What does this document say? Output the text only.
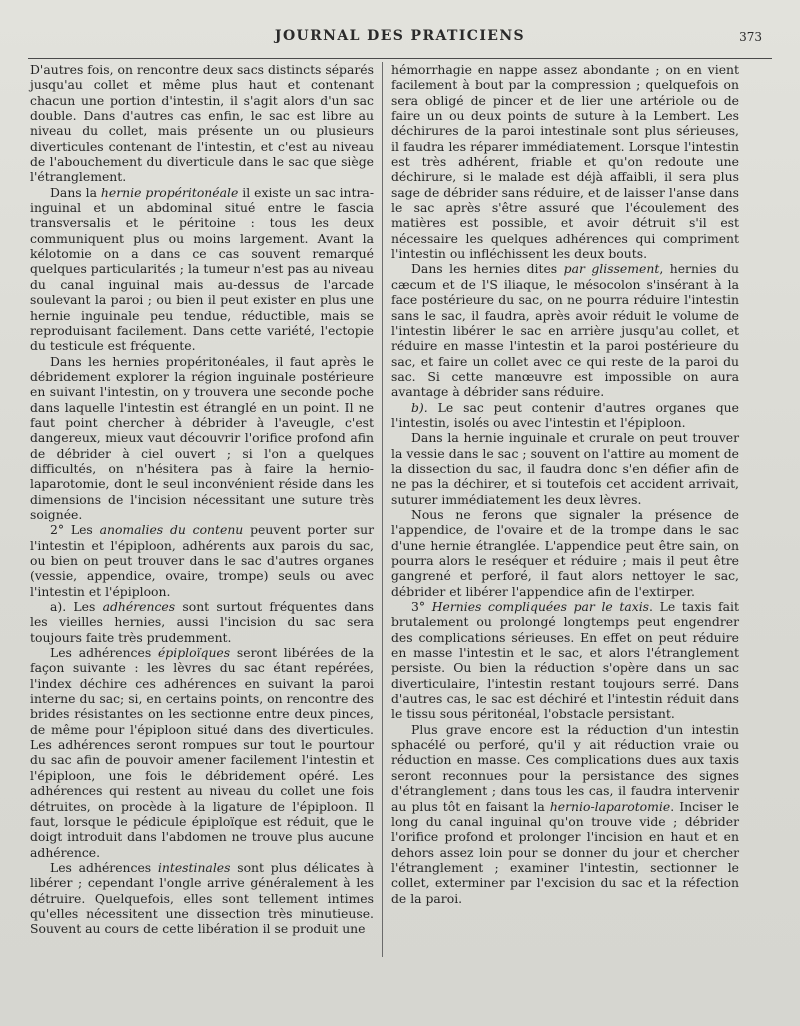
JOURNAL DES PRATICIENS	373

D'autres fois, on rencontre deux sacs distincts séparés jusqu'au collet et même plus haut et contenant chacun une portion d'intestin, il s'agit alors d'un sac double. Dans d'autres cas enfin, le sac est libre au niveau du collet, mais présente un ou plusieurs diverticules contenant de l'intestin, et c'est au niveau de l'abouchement du diverticule dans le sac que siège l'étranglement.

Dans la hernie propéritonéale il existe un sac intra-inguinal et un abdominal situé entre le fascia transversalis et le péritoine : tous les deux communiquent plus ou moins largement. Avant la kélotomie on a dans ce cas souvent remarqué quelques particularités ; la tumeur n'est pas au niveau du canal inguinal mais au-dessus de l'arcade soulevant la paroi ; ou bien il peut exister en plus une hernie inguinale peu tendue, réductible, mais se reproduisant facilement. Dans cette variété, l'ectopie du testicule est fréquente.

Dans les hernies propéritonéales, il faut après le débridement explorer la région inguinale postérieure en suivant l'intestin, on y trouvera une seconde poche dans laquelle l'intestin est étranglé en un point. Il ne faut point chercher à débrider à l'aveugle, c'est dangereux, mieux vaut découvrir l'orifice profond afin de débrider à ciel ouvert ; si l'on a quelques difficultés, on n'hésitera pas à faire la hernio-laparotomie, dont le seul inconvénient réside dans les dimensions de l'incision nécessitant une suture très soignée.

2° Les anomalies du contenu peuvent porter sur l'intestin et l'épiploon, adhérents aux parois du sac, ou bien on peut trouver dans le sac d'autres organes (vessie, appendice, ovaire, trompe) seuls ou avec l'intestin et l'épiploon.

a). Les adhérences sont surtout fréquentes dans les vieilles hernies, aussi l'incision du sac sera toujours faite très prudemment.

Les adhérences épiploïques seront libérées de la façon suivante : les lèvres du sac étant repérées, l'index déchire ces adhérences en suivant la paroi interne du sac; si, en certains points, on rencontre des brides résistantes on les sectionne entre deux pinces, de même pour l'épiploon situé dans des diverticules. Les adhérences seront rompues sur tout le pourtour du sac afin de pouvoir amener facilement l'intestin et l'épiploon, une fois le débridement opéré. Les adhérences qui restent au niveau du collet une fois détruites, on procède à la ligature de l'épiploon. Il faut, lorsque le pédicule épiploïque est réduit, que le doigt introduit dans l'abdomen ne trouve plus aucune adhérence.

Les adhérences intestinales sont plus délicates à libérer ; cependant l'ongle arrive généralement à les détruire. Quelquefois, elles sont tellement intimes qu'elles nécessitent une dissection très minutieuse. Souvent au cours de cette libération il se produit une

hémorrhagie en nappe assez abondante ; on en vient facilement à bout par la compression ; quelquefois on sera obligé de pincer et de lier une artériole ou de faire un ou deux points de suture à la Lembert. Les déchirures de la paroi intestinale sont plus sérieuses, il faudra les réparer immédiatement. Lorsque l'intestin est très adhérent, friable et qu'on redoute une déchirure, si le malade est déjà affaibli, il sera plus sage de débrider sans réduire, et de laisser l'anse dans le sac après s'être assuré que l'écoulement des matières est possible, et avoir détruit s'il est nécessaire les quelques adhérences qui compriment l'intestin ou infléchissent les deux bouts.

Dans les hernies dites par glissement, hernies du cæcum et de l'S iliaque, le mésocolon s'insérant à la face postérieure du sac, on ne pourra réduire l'intestin sans le sac, il faudra, après avoir réduit le volume de l'intestin libérer le sac en arrière jusqu'au collet, et réduire en masse l'intestin et la paroi postérieure du sac, et faire un collet avec ce qui reste de la paroi du sac. Si cette manœuvre est impossible on aura avantage à débrider sans réduire.

b). Le sac peut contenir d'autres organes que l'intestin, isolés ou avec l'intestin et l'épiploon.

Dans la hernie inguinale et crurale on peut trouver la vessie dans le sac ; souvent on l'attire au moment de la dissection du sac, il faudra donc s'en défier afin de ne pas la déchirer, et si toutefois cet accident arrivait, suturer immédiatement les deux lèvres.

Nous ne ferons que signaler la présence de l'appendice, de l'ovaire et de la trompe dans le sac d'une hernie étranglée. L'appendice peut être sain, on pourra alors le reséquer et réduire ; mais il peut être gangrené et perforé, il faut alors nettoyer le sac, débrider et libérer l'appendice afin de l'extirper.

3° Hernies compliquées par le taxis. Le taxis fait brutalement ou prolongé longtemps peut engendrer des complications sérieuses. En effet on peut réduire en masse l'intestin et le sac, et alors l'étranglement persiste. Ou bien la réduction s'opère dans un sac diverticulaire, l'intestin restant toujours serré. Dans d'autres cas, le sac est déchiré et l'intestin réduit dans le tissu sous péritonéal, l'obstacle persistant.

Plus grave encore est la réduction d'un intestin sphacélé ou perforé, qu'il y ait réduction vraie ou réduction en masse. Ces complications dues aux taxis seront reconnues pour la persistance des signes d'étranglement ; dans tous les cas, il faudra intervenir au plus tôt en faisant la hernio-laparotomie. Inciser le long du canal inguinal qu'on trouve vide ; débrider l'orifice profond et prolonger l'incision en haut et en dehors assez loin pour se donner du jour et chercher l'étranglement ; examiner l'intestin, sectionner le collet, exterminer par l'excision du sac et la réfection de la paroi.
